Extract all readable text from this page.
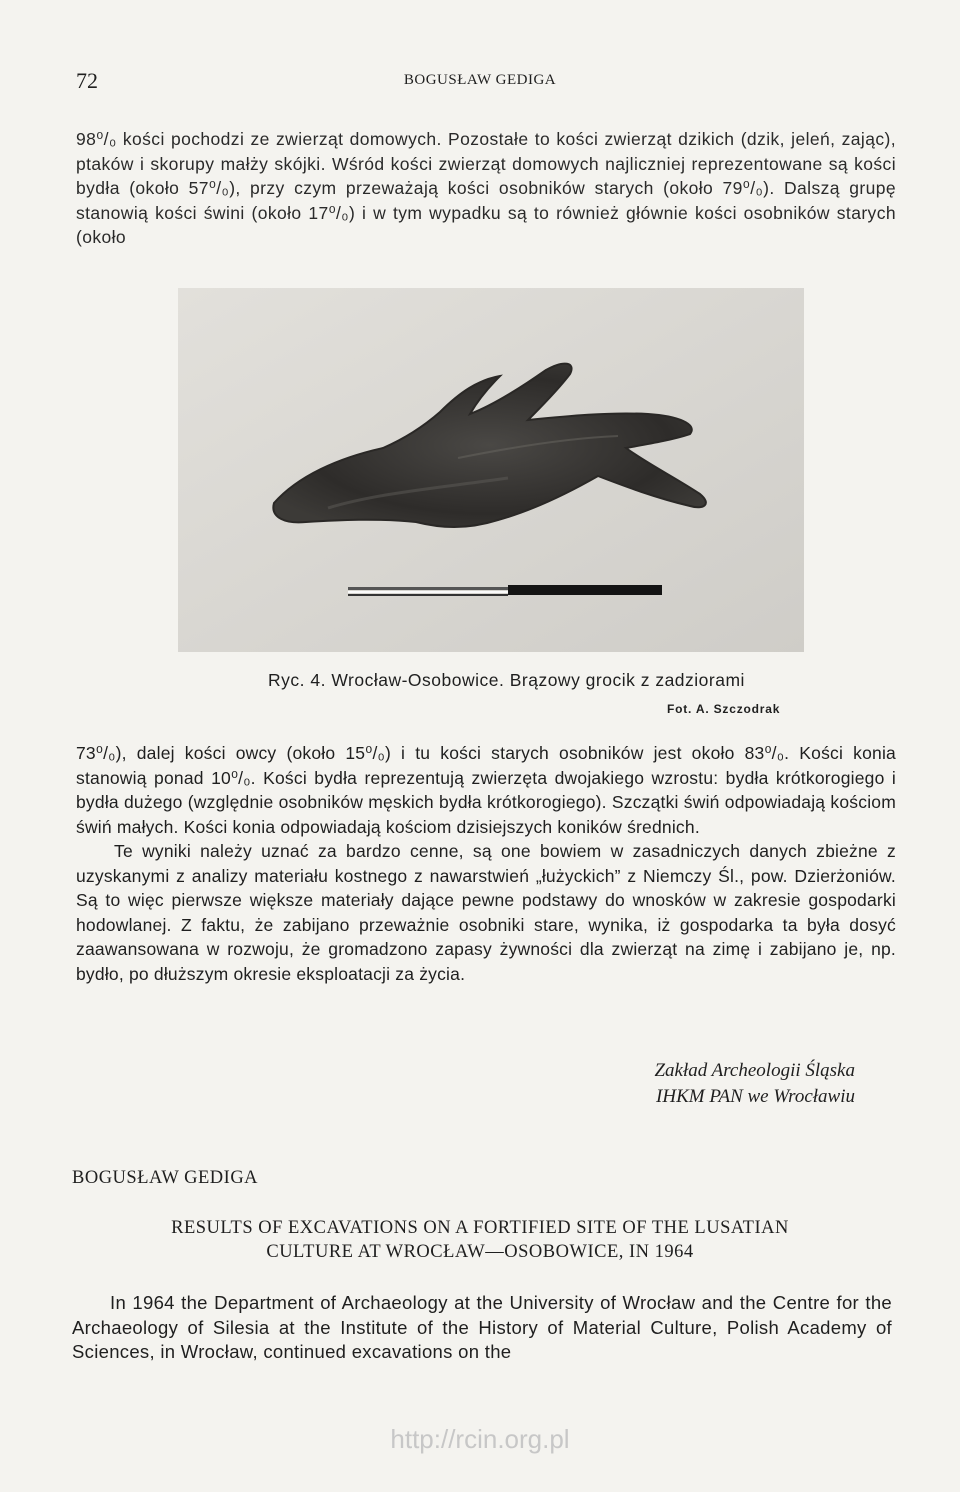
72	BOGUSŁAW GEDIGA
98⁰/₀ kości pochodzi ze zwierząt domowych. Pozostałe to kości zwierząt dzikich (dzik, jeleń, zając), ptaków i skorupy małży skójki. Wśród kości zwierząt domowych najliczniej reprezentowane są kości bydła (około 57⁰/₀), przy czym przeważają kości osobników starych (około 79⁰/₀). Dalszą grupę stanowią kości świni (około 17⁰/₀) i w tym wypadku są to również głównie kości osobników starych (około
Ryc. 4. Wrocław-Osobowice. Brązowy grocik z zadziorami
Fot. A. Szczodrak
73⁰/₀), dalej kości owcy (około 15⁰/₀) i tu kości starych osobników jest około 83⁰/₀. Kości konia stanowią ponad 10⁰/₀. Kości bydła reprezentują zwierzęta dwojakiego wzrostu: bydła krótkorogiego i bydła dużego (względnie osobników męskich bydła krótkorogiego). Szczątki świń odpowiadają kościom świń małych. Kości konia odpowiadają kościom dzisiejszych koników średnich.
Te wyniki należy uznać za bardzo cenne, są one bowiem w zasadniczych danych zbieżne z uzyskanymi z analizy materiału kostnego z nawarstwień „łużyckich” z Niemczy Śl., pow. Dzierżoniów. Są to więc pierwsze większe materiały dające pewne podstawy do wnosków w zakresie gospodarki hodowlanej. Z faktu, że zabijano przeważnie osobniki stare, wynika, iż gospodarka ta była dosyć zaawansowana w rozwoju, że gromadzono zapasy żywności dla zwierząt na zimę i zabijano je, np. bydło, po dłuższym okresie eksploatacji za życia.
Zakład Archeologii Śląska
IHKM PAN we Wrocławiu
BOGUSŁAW GEDIGA
RESULTS OF EXCAVATIONS ON A FORTIFIED SITE OF THE LUSATIAN
CULTURE AT WROCŁAW—OSOBOWICE, IN 1964
In 1964 the Department of Archaeology at the University of Wrocław and the Centre for the Archaeology of Silesia at the Institute of the History of Material Culture, Polish Academy of Sciences, in Wrocław, continued excavations on the
http://rcin.org.pl
